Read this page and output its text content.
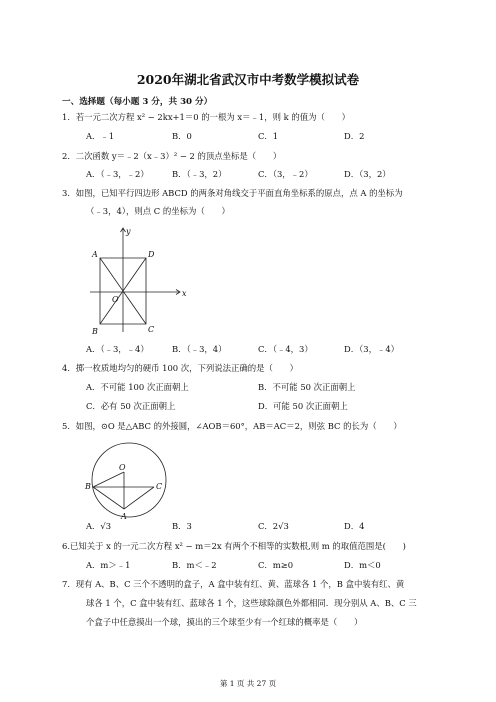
2020年湖北省武汉市中考数学模拟试卷
一、选择题（每小题 3 分，共 30 分）
1．若一元二次方程 x² − 2kx+1＝0 的一根为 x＝﹣1，则 k 的值为（　　）
A．﹣1	B．0	C．1	D．2
2．二次函数 y＝﹣2（x﹣3）² − 2 的顶点坐标是（　　）
A．（﹣3，﹣2）	B．（﹣3，2）	C．（3，﹣2）	D．（3，2）
3．如图，已知平行四边形 ABCD 的两条对角线交于平面直角坐标系的原点，点 A 的坐标为
（﹣3，4），则点 C 的坐标为（　　）
A	D
B	C
O
x
y
A．（﹣3，﹣4）	B．（﹣3，4）	C．（﹣4，3）	D．（3，﹣4）
4．掷一枚质地均匀的硬币 100 次，下列说法正确的是（　　）
A．不可能 100 次正面朝上	B．不可能 50 次正面朝上
C．必有 50 次正面朝上	D．可能 50 次正面朝上
5．如图，⊙O 是△ABC 的外接圆，∠AOB＝60°，AB＝AC＝2，则弦 BC 的长为（　　）
O
B	C
A
A．√3	B．3	C．2√3	D．4
6.已知关于 x 的一元二次方程 x² − m＝2x 有两个不相等的实数根,则 m 的取值范围是(　　)
A．m＞﹣1	B．m＜﹣2	C．m≥0	D．m＜0
7．现有 A、B、C 三个不透明的盒子，A 盒中装有红、黄、蓝球各 1 个，B 盒中装有红、黄
球各 1 个，C 盒中装有红、蓝球各 1 个，这些球除颜色外都相同．现分别从 A、B、C 三
个盒子中任意摸出一个球，摸出的三个球至少有一个红球的概率是（　　）
第 1 页 共 27 页
